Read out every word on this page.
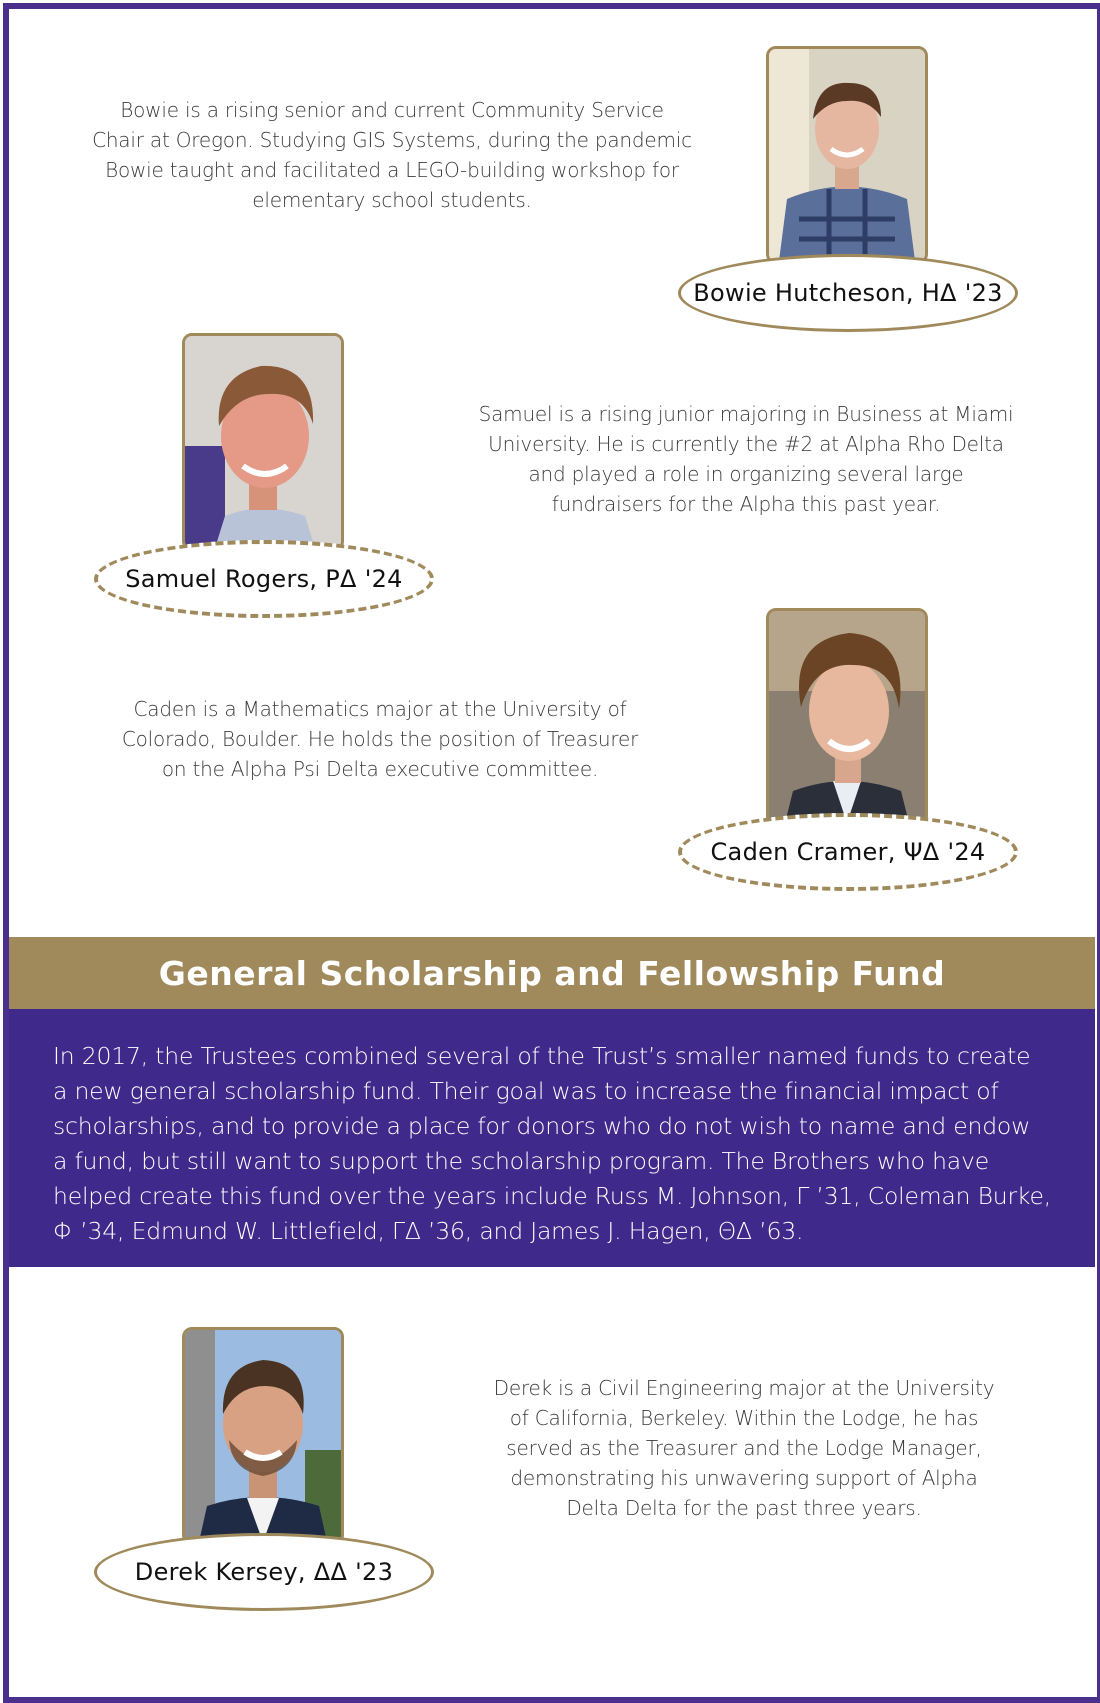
Bowie is a rising senior and current Community Service Chair at Oregon. Studying GIS Systems, during the pandemic Bowie taught and facilitated a LEGO-building workshop for elementary school students.
Bowie Hutcheson, HΔ '23
Samuel Rogers, PΔ '24
Samuel is a rising junior majoring in Business at Miami University. He is currently the #2 at Alpha Rho Delta and played a role in organizing several large fundraisers for the Alpha this past year.
Caden is a Mathematics major at the University of Colorado, Boulder. He holds the position of Treasurer on the Alpha Psi Delta executive committee.
Caden Cramer, ΨΔ '24
General Scholarship and Fellowship Fund
In 2017, the Trustees combined several of the Trust’s smaller named funds to create a new general scholarship fund. Their goal was to increase the financial impact of scholarships, and to provide a place for donors who do not wish to name and endow a fund, but still want to support the scholarship program. The Brothers who have helped create this fund over the years include Russ M. Johnson, Γ ’31, Coleman Burke, Φ ’34, Edmund W. Littlefield, ΓΔ ’36, and James J. Hagen, ΘΔ ’63.
Derek Kersey, ΔΔ '23
Derek is a Civil Engineering major at the University of California, Berkeley. Within the Lodge, he has served as the Treasurer and the Lodge Manager, demonstrating his unwavering support of Alpha Delta Delta for the past three years.
